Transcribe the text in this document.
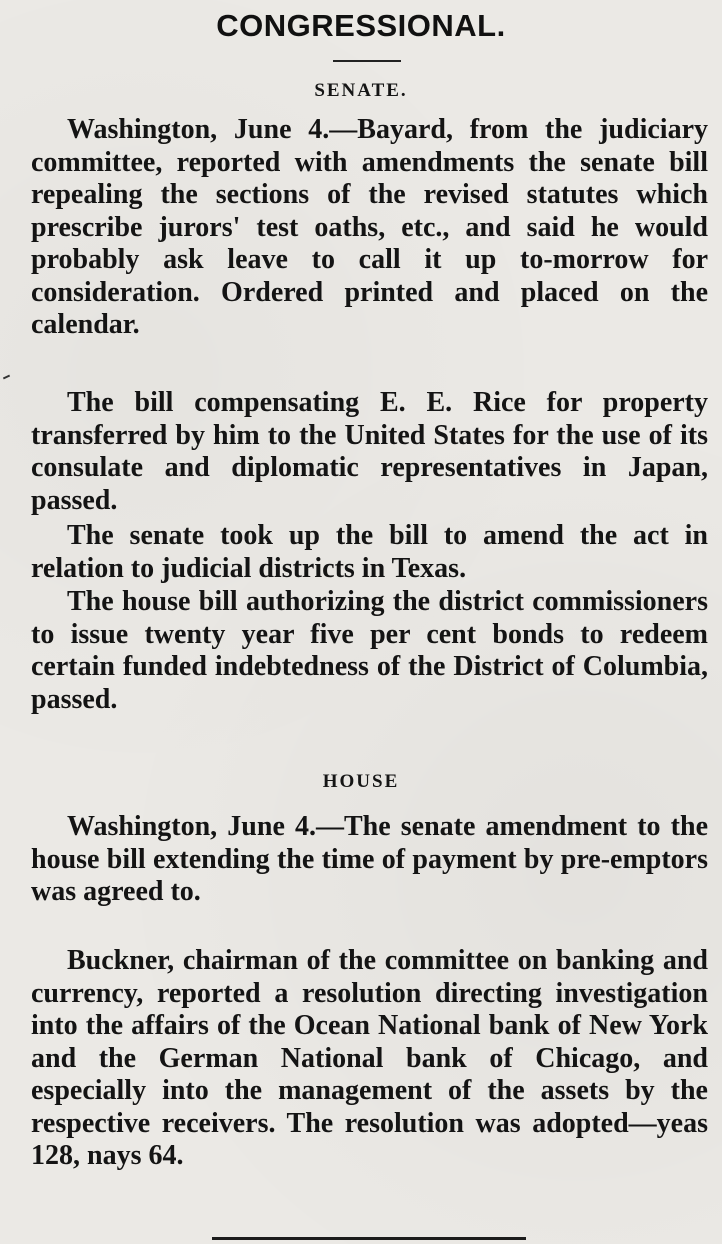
CONGRESSIONAL.
SENATE.

Washington, June 4.—Bayard, from the judiciary committee, reported with amendments the senate bill repealing the sections of the revised statutes which prescribe jurors' test oaths, etc., and said he would probably ask leave to call it up to-morrow for consideration. Ordered printed and placed on the calendar.

The bill compensating E. E. Rice for property transferred by him to the United States for the use of its consulate and diplomatic representatives in Japan, passed.

The senate took up the bill to amend the act in relation to judicial districts in Texas.

The house bill authorizing the district commissioners to issue twenty year five per cent bonds to redeem certain funded indebtedness of the District of Columbia, passed.

HOUSE

Washington, June 4.—The senate amendment to the house bill extending the time of payment by pre-emptors was agreed to.

Buckner, chairman of the committee on banking and currency, reported a resolution directing investigation into the affairs of the Ocean National bank of New York and the German National bank of Chicago, and especially into the management of the assets by the respective receivers. The resolution was adopted—yeas 128, nays 64.
